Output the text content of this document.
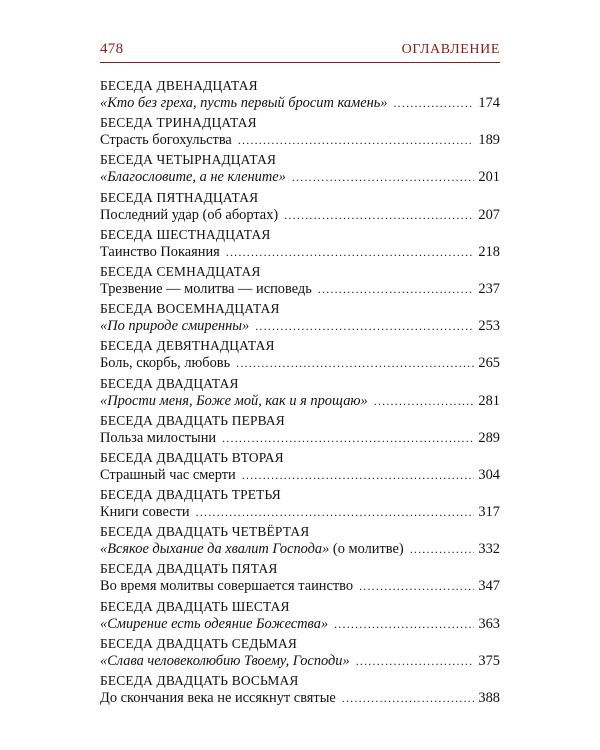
478	ОГЛАВЛЕНИЕ
БЕСЕДА ДВЕНАДЦАТАЯ
«Кто без греха, пусть первый бросит камень» .....	174
БЕСЕДА ТРИНАДЦАТАЯ
Страсть богохульства .....	189
БЕСЕДА ЧЕТЫРНАДЦАТАЯ
«Благословите, а не клените» .....	201
БЕСЕДА ПЯТНАДЦАТАЯ
Последний удар (об абортах) .....	207
БЕСЕДА ШЕСТНАДЦАТАЯ
Таинство Покаяния .....	218
БЕСЕДА СЕМНАДЦАТАЯ
Трезвение — молитва — исповедь .....	237
БЕСЕДА ВОСЕМНАДЦАТАЯ
«По природе смиренны» .....	253
БЕСЕДА ДЕВЯТНАДЦАТАЯ
Боль, скорбь, любовь .....	265
БЕСЕДА ДВАДЦАТАЯ
«Прости меня, Боже мой, как и я прощаю» .....	281
БЕСЕДА ДВАДЦАТЬ ПЕРВАЯ
Польза милостыни .....	289
БЕСЕДА ДВАДЦАТЬ ВТОРАЯ
Страшный час смерти .....	304
БЕСЕДА ДВАДЦАТЬ ТРЕТЬЯ
Книги совести .....	317
БЕСЕДА ДВАДЦАТЬ ЧЕТВЁРТАЯ
«Всякое дыхание да хвалит Господа» (о молитве) .....	332
БЕСЕДА ДВАДЦАТЬ ПЯТАЯ
Во время молитвы совершается таинство .....	347
БЕСЕДА ДВАДЦАТЬ ШЕСТАЯ
«Смирение есть одеяние Божества» .....	363
БЕСЕДА ДВАДЦАТЬ СЕДЬМАЯ
«Слава человеколюбию Твоему, Господи» .....	375
БЕСЕДА ДВАДЦАТЬ ВОСЬМАЯ
До скончания века не иссякнут святые .....	388
